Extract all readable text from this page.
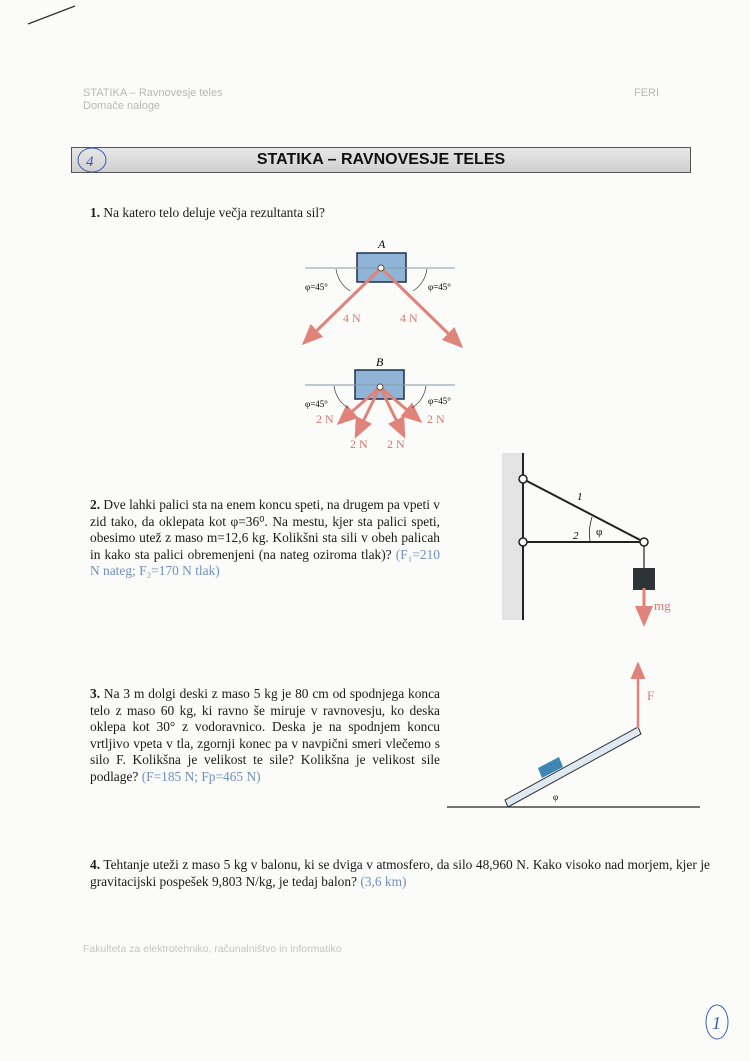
STATIKA – Ravnovesje teles
Domače naloge
FERI
STATIKA – RAVNOVESJE TELES
4
1. Na katero telo deluje večja rezultanta sil?
A
φ=45°	φ=45°
4 N	4 N
B
φ=45°	φ=45°
2 N
2 N 2 N
2 N
2. Dve lahki palici sta na enem koncu speti, na drugem pa vpeti v zid tako, da oklepata kot φ=36⁰. Na mestu, kjer sta palici speti, obesimo utež z maso m=12,6 kg. Kolikšni sta sili v obeh palicah in kako sta palici obremenjeni (na nateg oziroma tlak)? (F₁=210 N nateg; F₂=170 N tlak)
1
2 φ
mg
3. Na 3 m dolgi deski z maso 5 kg je 80 cm od spodnjega konca telo z maso 60 kg, ki ravno še miruje v ravnovesju, ko deska oklepa kot 30° z vodoravnico. Deska je na spodnjem koncu vrtljivo vpeta v tla, zgornji konec pa v navpični smeri vlečemo s silo F. Kolikšna je velikost te sile? Kolikšna je velikost sile podlage? (F=185 N; Fp=465 N)
F
φ
4. Tehtanje uteži z maso 5 kg v balonu, ki se dviga v atmosfero, da silo 48,960 N. Kako visoko nad morjem, kjer je gravitacijski pospešek 9,803 N/kg, je tedaj balon? (3,6 km)
Fakulteta za elektrotehniko, računalništvo in informatiko
1
